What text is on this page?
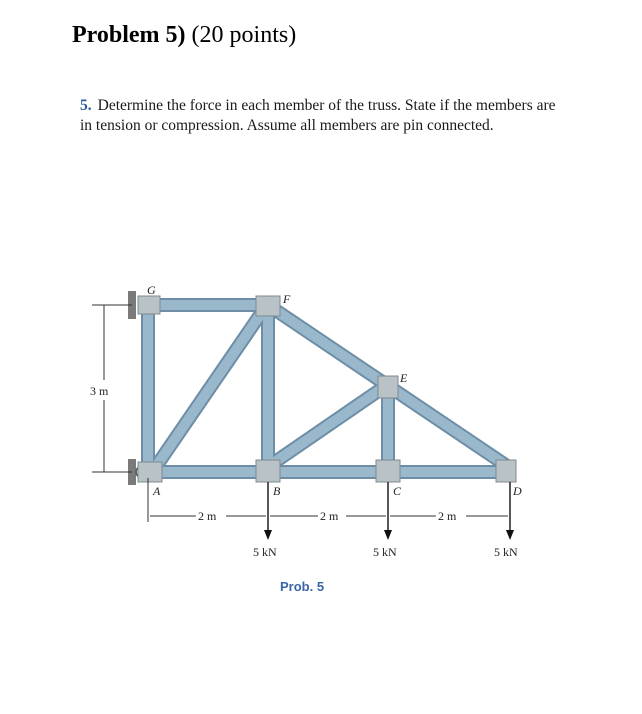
Problem 5) (20 points)
5. Determine the force in each member of the truss. State if the members are in tension or compression. Assume all members are pin connected.
G
F
E
A	B	C	D
3 m
2 m	2 m	2 m
5 kN	5 kN	5 kN
Prob. 5
